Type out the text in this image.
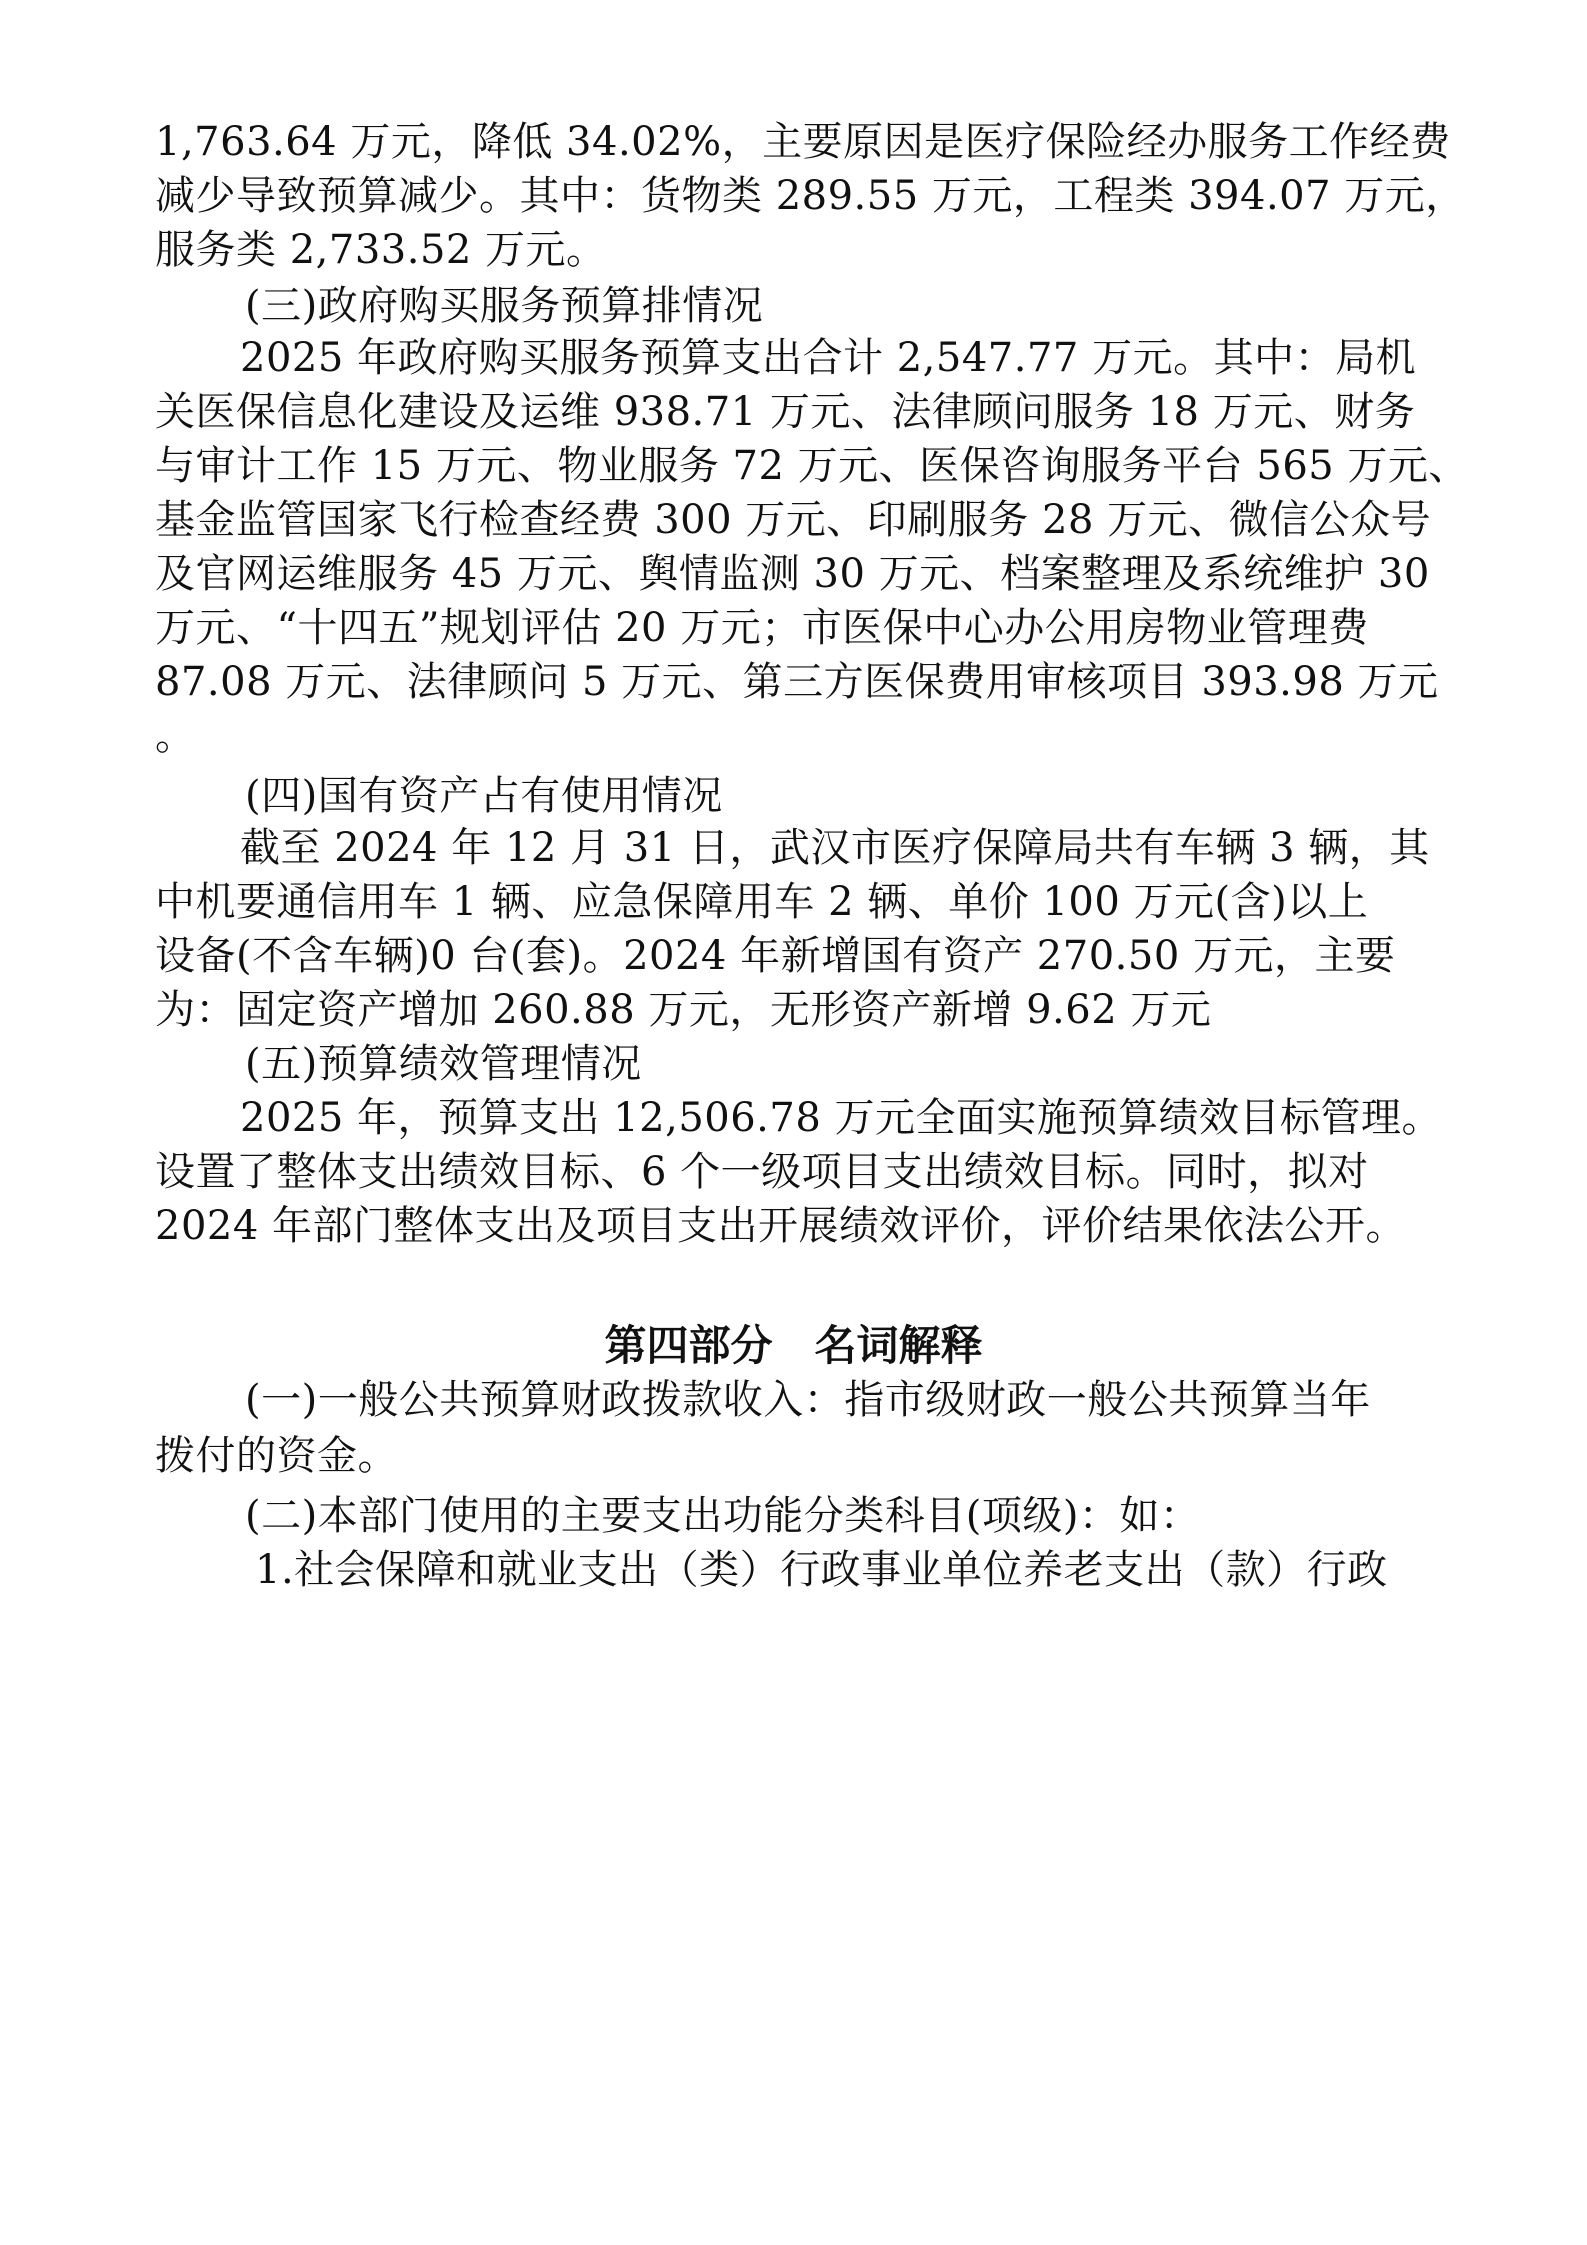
1,763.64 万元，降低 34.02%，主要原因是医疗保险经办服务工作经费
减少导致预算减少。其中：货物类 289.55 万元，工程类 394.07 万元，
服务类 2,733.52 万元。
(三)政府购买服务预算排情况
2025 年政府购买服务预算支出合计 2,547.77 万元。其中：局机
关医保信息化建设及运维 938.71 万元、法律顾问服务 18 万元、财务
与审计工作 15 万元、物业服务 72 万元、医保咨询服务平台 565 万元、
基金监管国家飞行检查经费 300 万元、印刷服务 28 万元、微信公众号
及官网运维服务 45 万元、舆情监测 30 万元、档案整理及系统维护 30
万元、“十四五”规划评估 20 万元；市医保中心办公用房物业管理费
87.08 万元、法律顾问 5 万元、第三方医保费用审核项目 393.98 万元
。
(四)国有资产占有使用情况
截至 2024 年 12 月 31 日，武汉市医疗保障局共有车辆 3 辆，其
中机要通信用车 1 辆、应急保障用车 2 辆、单价 100 万元(含)以上
设备(不含车辆)0 台(套)。2024 年新增国有资产 270.50 万元，主要
为：固定资产增加 260.88 万元，无形资产新增 9.62 万元
(五)预算绩效管理情况
2025 年，预算支出 12,506.78 万元全面实施预算绩效目标管理。
设置了整体支出绩效目标、6 个一级项目支出绩效目标。同时，拟对
2024 年部门整体支出及项目支出开展绩效评价，评价结果依法公开。
第四部分　名词解释
(一)一般公共预算财政拨款收入：指市级财政一般公共预算当年
拨付的资金。
(二)本部门使用的主要支出功能分类科目(项级)：如：
1.社会保障和就业支出（类）行政事业单位养老支出（款）行政
